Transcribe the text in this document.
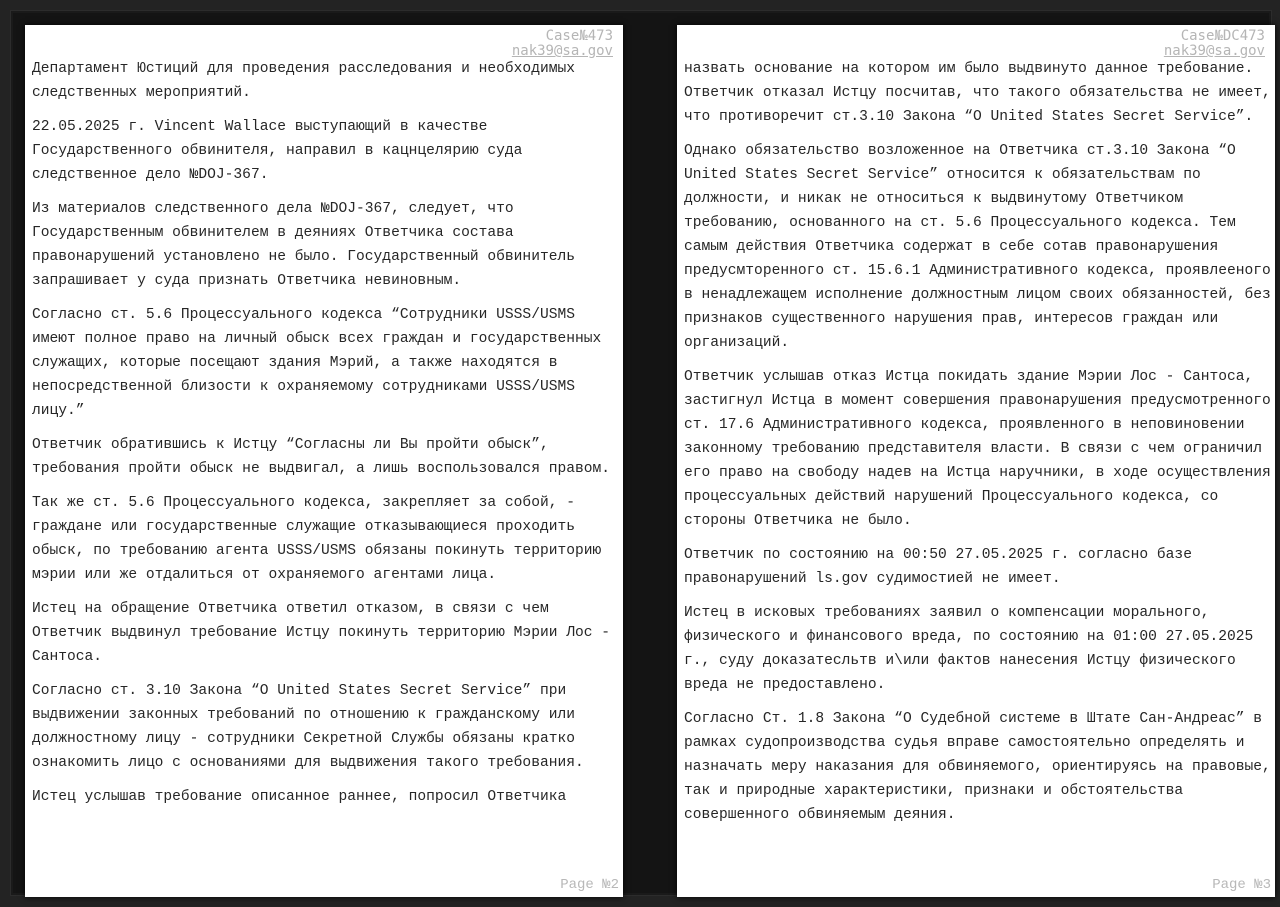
Case№473
nak39@sa.gov

Департамент Юстиций для проведения расследования и необходимых следственных мероприятий.

22.05.2025 г. Vincent Wallace выступающий в качестве Государственного обвинителя, направил в кацнцелярию суда следственное дело №DOJ-367.

Из материалов следственного дела №DOJ-367, следует, что Государственным обвинителем в деяниях Ответчика состава правонарушений установлено не было. Государственный обвинитель запрашивает у суда признать Ответчика невиновным.

Согласно ст. 5.6 Процессуального кодекса “Сотрудники USSS/USMS имеют полное право на личный обыск всех граждан и государственных служащих, которые посещают здания Мэрий, а также находятся в непосредственной близости к охраняемому сотрудниками USSS/USMS лицу.”

Ответчик обратившись к Истцу “Согласны ли Вы пройти обыск”, требования пройти обыск не выдвигал, а лишь воспользовался правом.

Так же ст. 5.6 Процессуального кодекса, закрепляет за собой, - граждане или государственные служащие отказывающиеся проходить обыск, по требованию агента USSS/USMS обязаны покинуть территорию мэрии или же отдалиться от охраняемого агентами лица.

Истец на обращение Ответчика ответил отказом, в связи с чем Ответчик выдвинул требование Истцу покинуть территорию Мэрии Лос - Сантоса.

Согласно ст. 3.10 Закона “О United States Secret Service” при выдвижении законных требований по отношению к гражданскому или должностному лицу - сотрудники Секретной Службы обязаны кратко ознакомить лицо с основаниями для выдвижения такого требования.

Истец услышав требование описанное раннее, попросил Ответчика

Page №2
Case№DC473
nak39@sa.gov

назвать основание на котором им было выдвинуто данное требование. Ответчик отказал Истцу посчитав, что такого обязательства не имеет, что противоречит ст.3.10 Закона “О United States Secret Service”.

Однако обязательство возложенное на Ответчика ст.3.10 Закона “О United States Secret Service” относится к обязательствам по должности, и никак не относиться к выдвинутому Ответчиком требованию, основанного на ст. 5.6 Процессуального кодекса. Тем самым действия Ответчика содержат в себе сотав правонарушения предусмторенного ст. 15.6.1 Административного кодекса, проявлееного в ненадлежащем исполнение должностным лицом своих обязанностей, без признаков существенного нарушения прав, интересов граждан или организаций.

Ответчик услышав отказ Истца покидать здание Мэрии Лос - Сантоса, застигнул Истца в момент совершения правонарушения предусмотренного ст. 17.6 Административного кодекса, проявленного в неповиновении законному требованию представителя власти. В связи с чем ограничил его право на свободу надев на Истца наручники, в ходе осуществления процессуальных действий нарушений Процессуального кодекса, со стороны Ответчика не было.

Ответчик по состоянию на 00:50 27.05.2025 г. согласно базе правонарушений ls.gov судимостией не имеет.

Истец в исковых требованиях заявил о компенсации морального, физического и финансового вреда, по состоянию на 01:00 27.05.2025 г., суду доказатесльтв и\или фактов нанесения Истцу физического вреда не предоставлено.

Согласно Ст. 1.8 Закона “О Судебной системе в Штате Сан-Андреас” в рамках судопроизводства судья вправе самостоятельно определять и назначать меру наказания для обвиняемого, ориентируясь на правовые, так и природные характеристики, признаки и обстоятельства совершенного обвиняемым деяния.

Page №3
